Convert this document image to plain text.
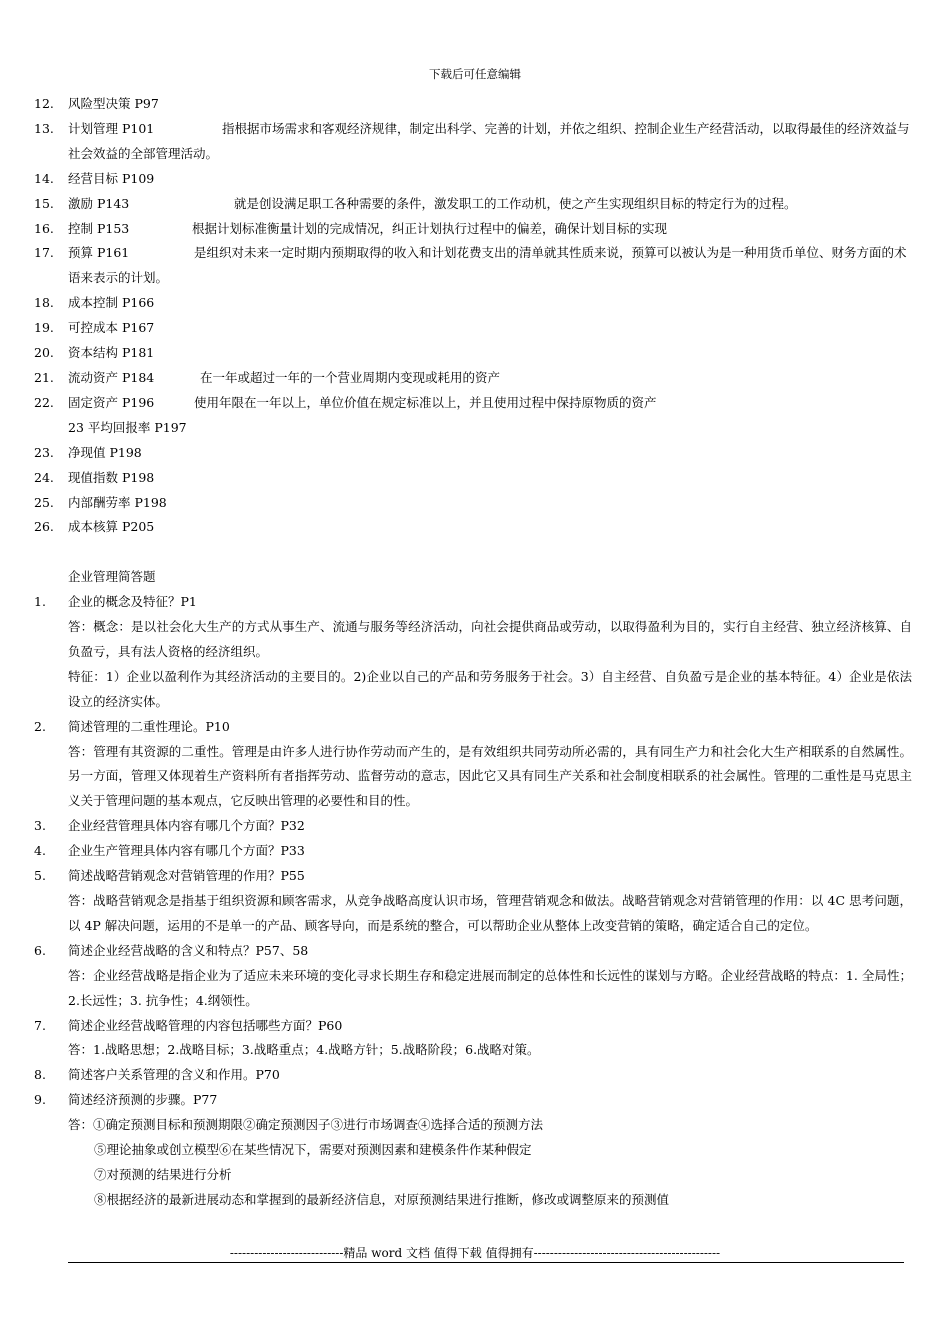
下载后可任意编辑
12.	风险型决策 P97
13.	计划管理 P101	指根据市场需求和客观经济规律，制定出科学、完善的计划，并依之组织、控制企业生产经营活动，以取得最佳的经济效益与社会效益的全部管理活动。
14.	经营目标 P109
15.	激励 P143	就是创设满足职工各种需要的条件，激发职工的工作动机，使之产生实现组织目标的特定行为的过程。
16.	控制 P153	根据计划标准衡量计划的完成情况，纠正计划执行过程中的偏差，确保计划目标的实现
17.	预算 P161	是组织对未来一定时期内预期取得的收入和计划花费支出的清单就其性质来说，预算可以被认为是一种用货币单位、财务方面的术语来表示的计划。
18.	成本控制 P166
19.	可控成本 P167
20.	资本结构 P181
21.	流动资产 P184	在一年或超过一年的一个营业周期内变现或耗用的资产
22.	固定资产 P196	使用年限在一年以上，单位价值在规定标准以上，并且使用过程中保持原物质的资产
23 平均回报率 P197
23.	净现值 P198
24.	现值指数 P198
25.	内部酬劳率 P198
26.	成本核算 P205
企业管理简答题
1.	企业的概念及特征？P1
答：概念：是以社会化大生产的方式从事生产、流通与服务等经济活动，向社会提供商品或劳动，以取得盈利为目的，实行自主经营、独立经济核算、自负盈亏，具有法人资格的经济组织。
特征：1）企业以盈利作为其经济活动的主要目的。2)企业以自己的产品和劳务服务于社会。3）自主经营、自负盈亏是企业的基本特征。4）企业是依法设立的经济实体。
2.	简述管理的二重性理论。P10
答：管理有其资源的二重性。管理是由许多人进行协作劳动而产生的，是有效组织共同劳动所必需的，具有同生产力和社会化大生产相联系的自然属性。另一方面，管理又体现着生产资料所有者指挥劳动、监督劳动的意志，因此它又具有同生产关系和社会制度相联系的社会属性。管理的二重性是马克思主义关于管理问题的基本观点，它反映出管理的必要性和目的性。
3.	企业经营管理具体内容有哪几个方面？P32
4.	企业生产管理具体内容有哪几个方面？P33
5.	简述战略营销观念对营销管理的作用？P55
答：战略营销观念是指基于组织资源和顾客需求，从竞争战略高度认识市场，管理营销观念和做法。战略营销观念对营销管理的作用：以 4C 思考问题，以 4P 解决问题，运用的不是单一的产品、顾客导向，而是系统的整合，可以帮助企业从整体上改变营销的策略，确定适合自己的定位。
6.	简述企业经营战略的含义和特点？P57、58
答：企业经营战略是指企业为了适应未来环境的变化寻求长期生存和稳定进展而制定的总体性和长远性的谋划与方略。企业经营战略的特点：1. 全局性；2.长远性；3. 抗争性；4.纲领性。
7.	简述企业经营战略管理的内容包括哪些方面？P60
答：1.战略思想；2.战略目标；3.战略重点；4.战略方针；5.战略阶段；6.战略对策。
8.	简述客户关系管理的含义和作用。P70
9.	简述经济预测的步骤。P77
答：①确定预测目标和预测期限②确定预测因子③进行市场调查④选择合适的预测方法
⑤理论抽象或创立模型⑥在某些情况下，需要对预测因素和建模条件作某种假定
⑦对预测的结果进行分析
⑧根据经济的最新进展动态和掌握到的最新经济信息，对原预测结果进行推断，修改或调整原来的预测值
----------------------------精品 word 文档 值得下载 值得拥有----------------------------------------------
